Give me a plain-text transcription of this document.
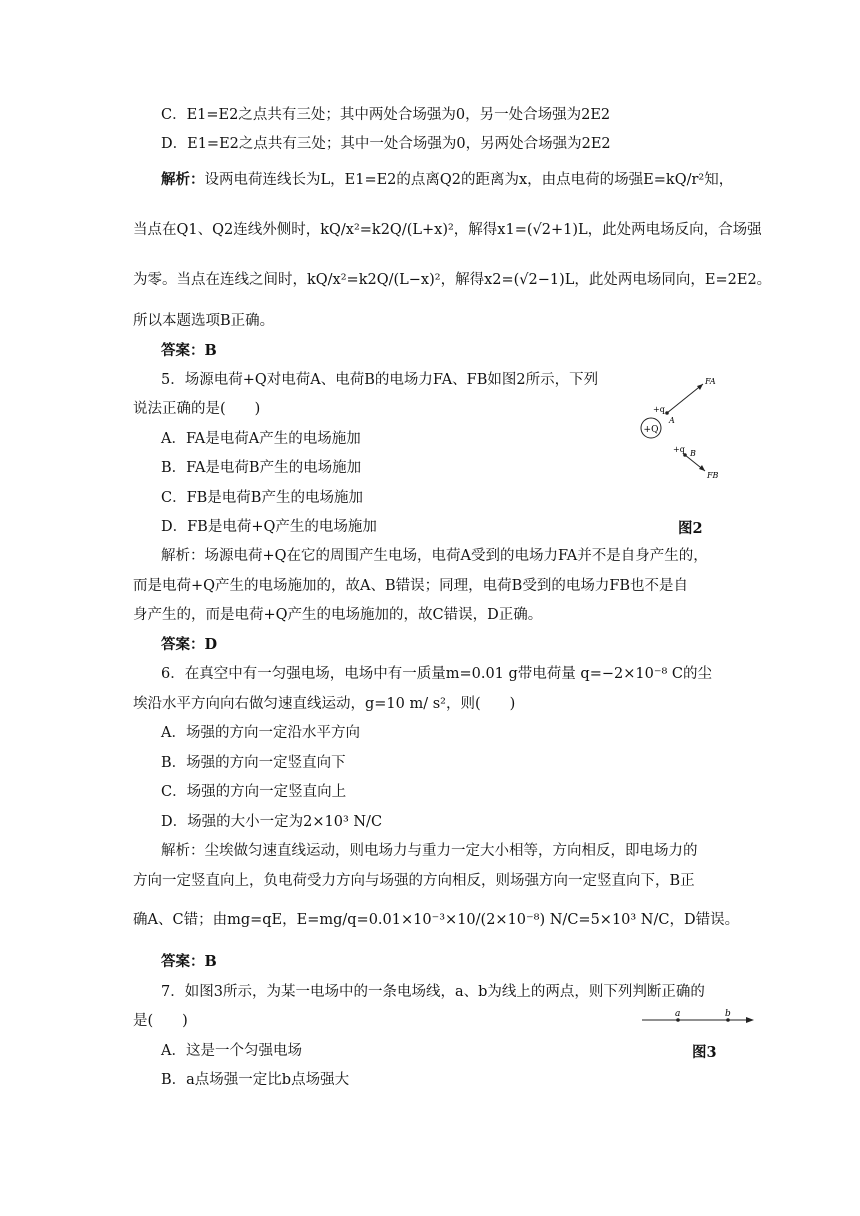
C．E1=E2之点共有三处；其中两处合场强为0，另一处合场强为2E2
D．E1=E2之点共有三处；其中一处合场强为0，另两处合场强为2E2
解析：设两电荷连线长为L，E1=E2的点离Q2的距离为x，由点电荷的场强E=kQ/r²知，
当点在Q1、Q2连线外侧时，kQ/x²=k2Q/(L+x)²，解得x1=(√2+1)L，此处两电场反向，合场强
为零。当点在连线之间时，kQ/x²=k2Q/(L−x)²，解得x2=(√2−1)L，此处两电场同向，E=2E2。
所以本题选项B正确。
答案：B
5．场源电荷+Q对电荷A、电荷B的电场力FA、FB如图2所示，下列
说法正确的是(　　)
A．FA是电荷A产生的电场施加
B．FA是电荷B产生的电场施加
C．FB是电荷B产生的电场施加
D．FB是电荷+Q产生的电场施加
+Q
FA
+q
A
FB
+q B
图2
解析：场源电荷+Q在它的周围产生电场，电荷A受到的电场力FA并不是自身产生的，
而是电荷+Q产生的电场施加的，故A、B错误；同理，电荷B受到的电场力FB也不是自
身产生的，而是电荷+Q产生的电场施加的，故C错误，D正确。
答案：D
6．在真空中有一匀强电场，电场中有一质量m=0.01 g带电荷量 q=−2×10⁻⁸ C的尘
埃沿水平方向向右做匀速直线运动，g=10 m/ s²，则(　　)
A．场强的方向一定沿水平方向
B．场强的方向一定竖直向下
C．场强的方向一定竖直向上
D．场强的大小一定为2×10³ N/C
解析：尘埃做匀速直线运动，则电场力与重力一定大小相等，方向相反，即电场力的
方向一定竖直向上，负电荷受力方向与场强的方向相反，则场强方向一定竖直向下，B正
确A、C错；由mg=qE，E=mg/q=0.01×10⁻³×10/(2×10⁻⁸) N/C=5×10³ N/C，D错误。
答案：B
7．如图3所示，为某一电场中的一条电场线，a、b为线上的两点，则下列判断正确的
是(　　)
A．这是一个匀强电场
B．a点场强一定比b点场强大
a	b
图3
